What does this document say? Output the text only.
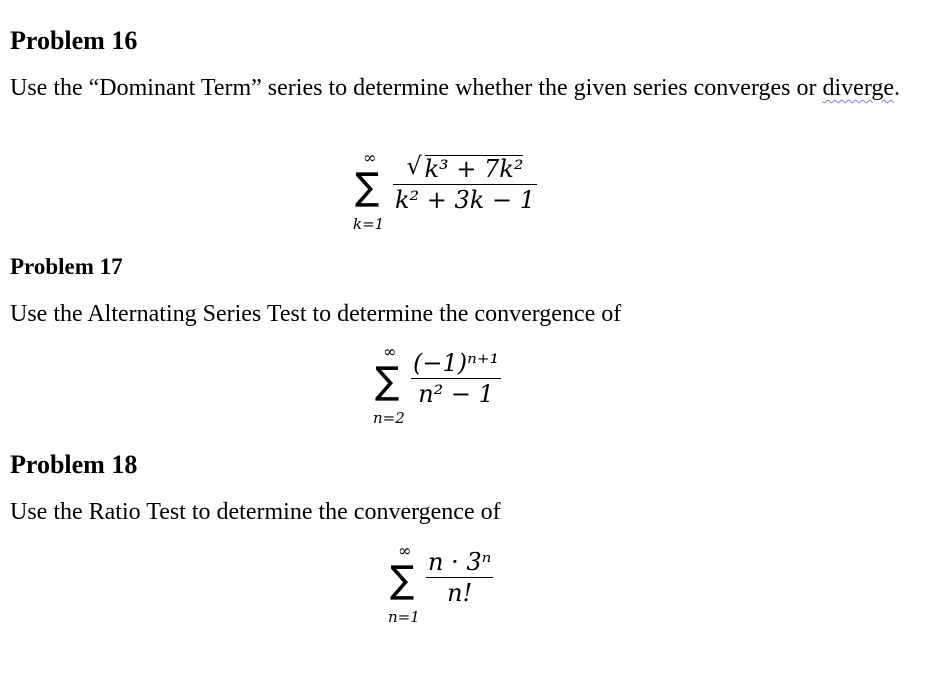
Problem 16

Use the “Dominant Term” series to determine whether the given series converges or diverge.

∞
∑
k=1
√ k³ + 7k²
k² + 3k − 1
Problem 17

Use the Alternating Series Test to determine the convergence of

∞
∑
n=2
(−1)ⁿ⁺¹
n² − 1
Problem 18

Use the Ratio Test to determine the convergence of

∞
∑
n=1
n · 3ⁿ
n!
